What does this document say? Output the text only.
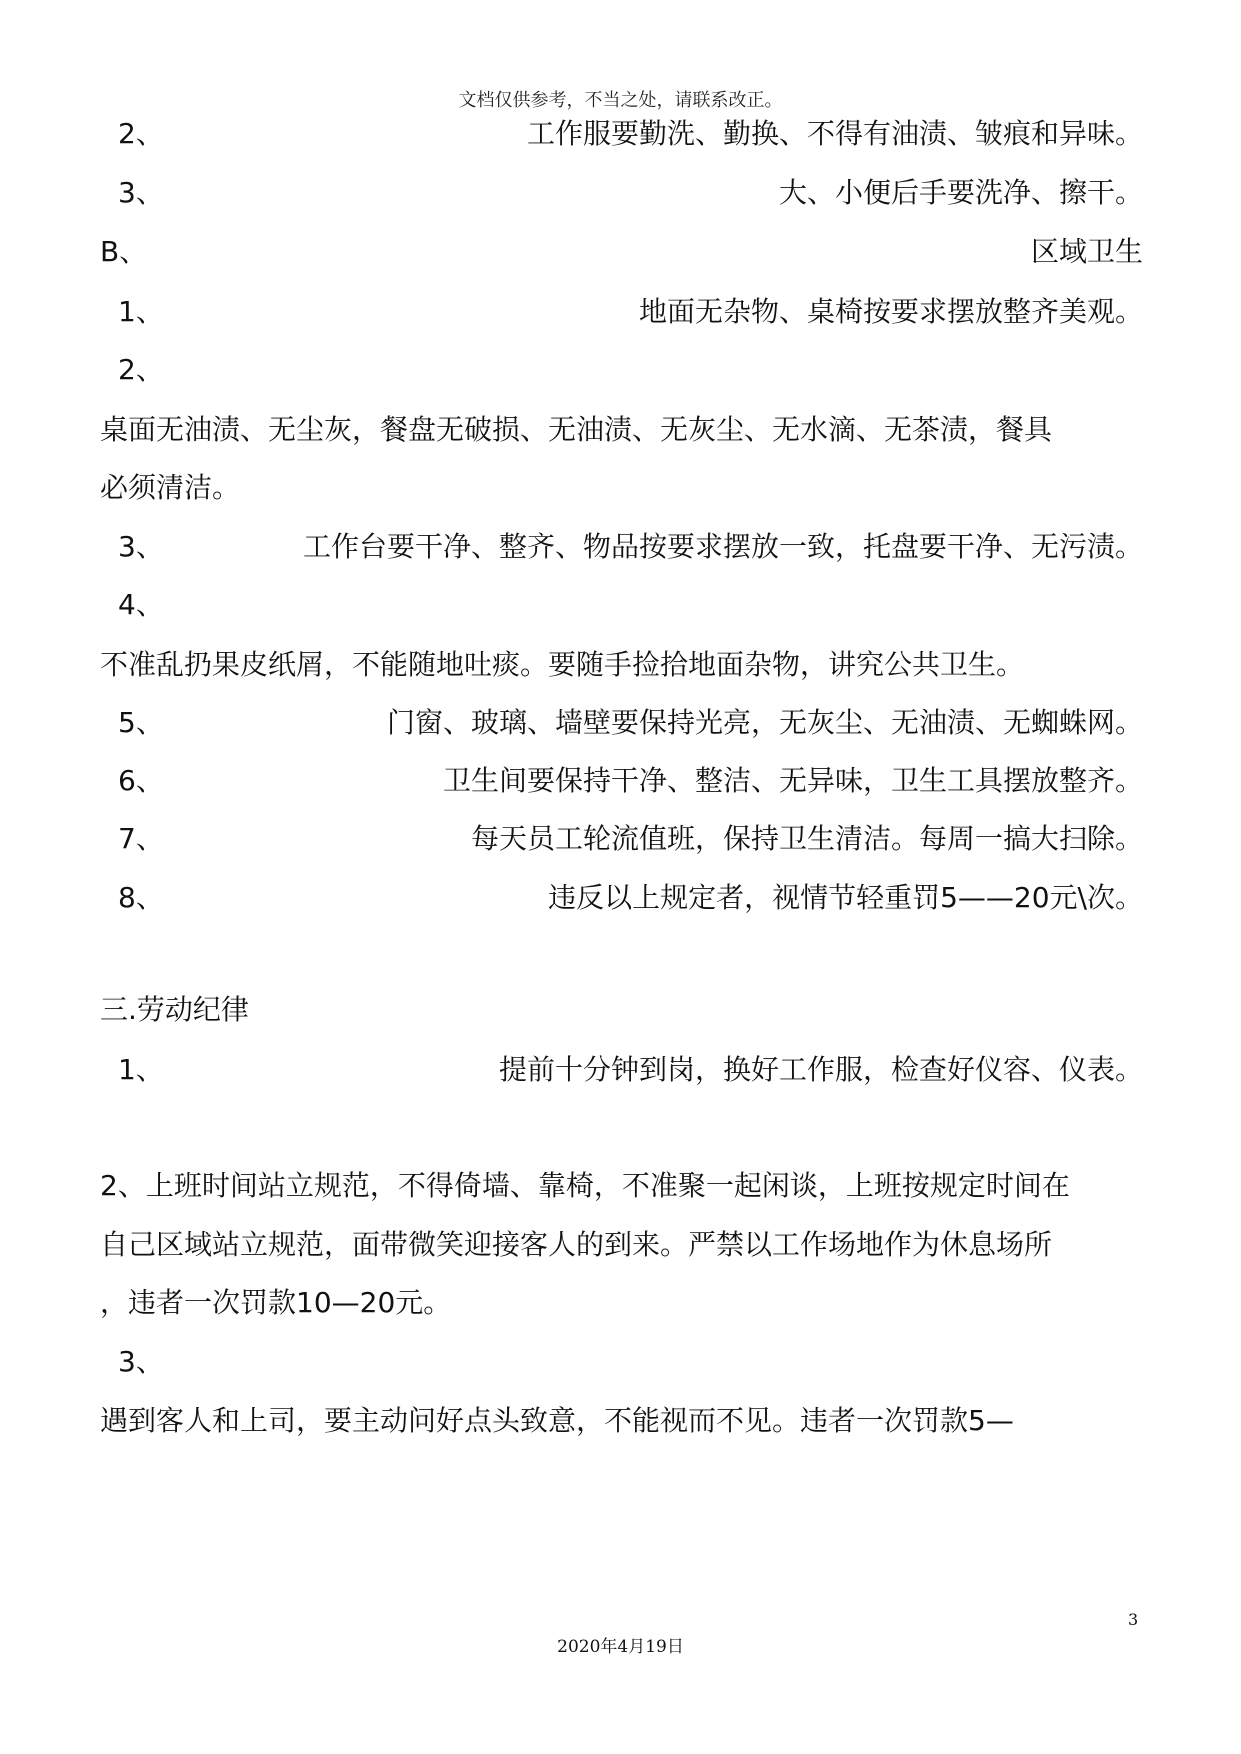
文档仅供参考，不当之处，请联系改正。
2、	工作服要勤洗、勤换、不得有油渍、皱痕和异味。
3、	大、小便后手要洗净、擦干。
B、	区域卫生
1、	地面无杂物、桌椅按要求摆放整齐美观。
2、
桌面无油渍、无尘灰，餐盘无破损、无油渍、无灰尘、无水滴、无茶渍，餐具
必须清洁。
3、	工作台要干净、整齐、物品按要求摆放一致，托盘要干净、无污渍。
4、
不准乱扔果皮纸屑，不能随地吐痰。要随手捡拾地面杂物，讲究公共卫生。
5、	门窗、玻璃、墙壁要保持光亮，无灰尘、无油渍、无蜘蛛网。
6、	卫生间要保持干净、整洁、无异味，卫生工具摆放整齐。
7、	每天员工轮流值班，保持卫生清洁。每周一搞大扫除。
8、	违反以上规定者，视情节轻重罚5——20元\次。
三.劳动纪律
1、	提前十分钟到岗，换好工作服，检查好仪容、仪表。
2、上班时间站立规范，不得倚墙、靠椅，不准聚一起闲谈，上班按规定时间在
自己区域站立规范，面带微笑迎接客人的到来。严禁以工作场地作为休息场所
，违者一次罚款10—20元。
3、
遇到客人和上司，要主动问好点头致意，不能视而不见。违者一次罚款5—
3
2020年4月19日
